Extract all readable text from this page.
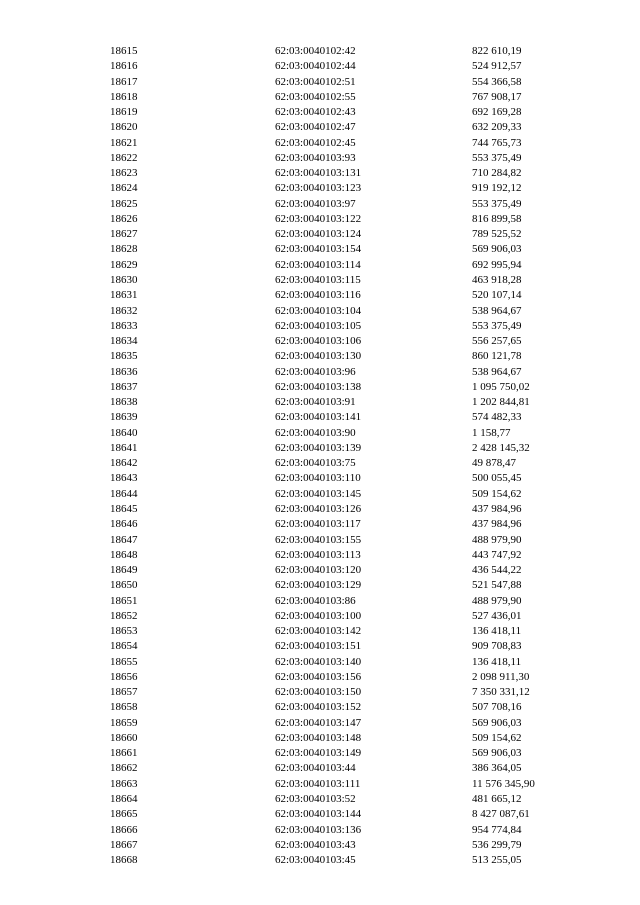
18615	62:03:0040102:42	822 610,19
18616	62:03:0040102:44	524 912,57
18617	62:03:0040102:51	554 366,58
18618	62:03:0040102:55	767 908,17
18619	62:03:0040102:43	692 169,28
18620	62:03:0040102:47	632 209,33
18621	62:03:0040102:45	744 765,73
18622	62:03:0040103:93	553 375,49
18623	62:03:0040103:131	710 284,82
18624	62:03:0040103:123	919 192,12
18625	62:03:0040103:97	553 375,49
18626	62:03:0040103:122	816 899,58
18627	62:03:0040103:124	789 525,52
18628	62:03:0040103:154	569 906,03
18629	62:03:0040103:114	692 995,94
18630	62:03:0040103:115	463 918,28
18631	62:03:0040103:116	520 107,14
18632	62:03:0040103:104	538 964,67
18633	62:03:0040103:105	553 375,49
18634	62:03:0040103:106	556 257,65
18635	62:03:0040103:130	860 121,78
18636	62:03:0040103:96	538 964,67
18637	62:03:0040103:138	1 095 750,02
18638	62:03:0040103:91	1 202 844,81
18639	62:03:0040103:141	574 482,33
18640	62:03:0040103:90	1 158,77
18641	62:03:0040103:139	2 428 145,32
18642	62:03:0040103:75	49 878,47
18643	62:03:0040103:110	500 055,45
18644	62:03:0040103:145	509 154,62
18645	62:03:0040103:126	437 984,96
18646	62:03:0040103:117	437 984,96
18647	62:03:0040103:155	488 979,90
18648	62:03:0040103:113	443 747,92
18649	62:03:0040103:120	436 544,22
18650	62:03:0040103:129	521 547,88
18651	62:03:0040103:86	488 979,90
18652	62:03:0040103:100	527 436,01
18653	62:03:0040103:142	136 418,11
18654	62:03:0040103:151	909 708,83
18655	62:03:0040103:140	136 418,11
18656	62:03:0040103:156	2 098 911,30
18657	62:03:0040103:150	7 350 331,12
18658	62:03:0040103:152	507 708,16
18659	62:03:0040103:147	569 906,03
18660	62:03:0040103:148	509 154,62
18661	62:03:0040103:149	569 906,03
18662	62:03:0040103:44	386 364,05
18663	62:03:0040103:111	11 576 345,90
18664	62:03:0040103:52	481 665,12
18665	62:03:0040103:144	8 427 087,61
18666	62:03:0040103:136	954 774,84
18667	62:03:0040103:43	536 299,79
18668	62:03:0040103:45	513 255,05
